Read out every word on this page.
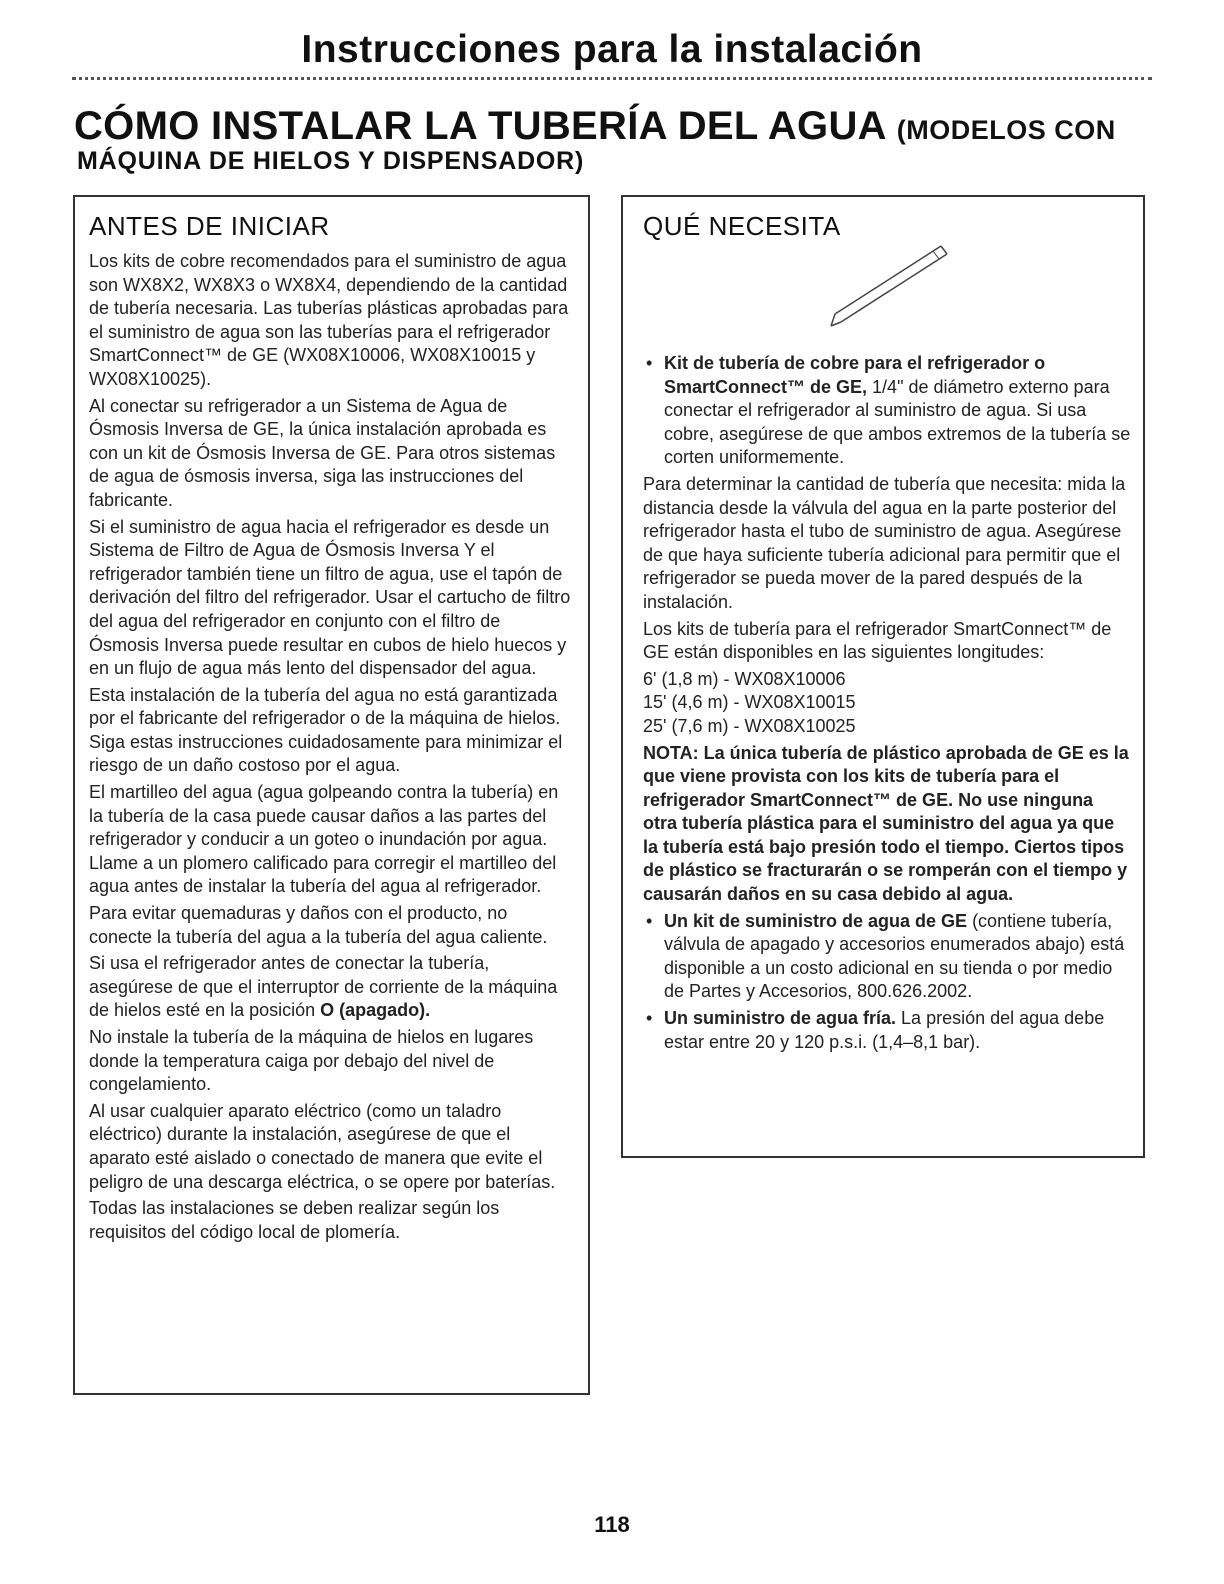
Instrucciones para la instalación
CÓMO INSTALAR LA TUBERÍA DEL AGUA (MODELOS CON
MÁQUINA DE HIELOS Y DISPENSADOR)
ANTES DE INICIAR

Los kits de cobre recomendados para el suministro de agua son WX8X2, WX8X3 o WX8X4, dependiendo de la cantidad de tubería necesaria. Las tuberías plásticas aprobadas para el suministro de agua son las tuberías para el refrigerador SmartConnect™ de GE (WX08X10006, WX08X10015 y WX08X10025).

Al conectar su refrigerador a un Sistema de Agua de Ósmosis Inversa de GE, la única instalación aprobada es con un kit de Ósmosis Inversa de GE. Para otros sistemas de agua de ósmosis inversa, siga las instrucciones del fabricante.

Si el suministro de agua hacia el refrigerador es desde un Sistema de Filtro de Agua de Ósmosis Inversa Y el refrigerador también tiene un filtro de agua, use el tapón de derivación del filtro del refrigerador. Usar el cartucho de filtro del agua del refrigerador en conjunto con el filtro de Ósmosis Inversa puede resultar en cubos de hielo huecos y en un flujo de agua más lento del dispensador del agua.

Esta instalación de la tubería del agua no está garantizada por el fabricante del refrigerador o de la máquina de hielos. Siga estas instrucciones cuidadosamente para minimizar el riesgo de un daño costoso por el agua.

El martilleo del agua (agua golpeando contra la tubería) en la tubería de la casa puede causar daños a las partes del refrigerador y conducir a un goteo o inundación por agua. Llame a un plomero calificado para corregir el martilleo del agua antes de instalar la tubería del agua al refrigerador.

Para evitar quemaduras y daños con el producto, no conecte la tubería del agua a la tubería del agua caliente.

Si usa el refrigerador antes de conectar la tubería, asegúrese de que el interruptor de corriente de la máquina de hielos esté en la posición O (apagado).

No instale la tubería de la máquina de hielos en lugares donde la temperatura caiga por debajo del nivel de congelamiento.

Al usar cualquier aparato eléctrico (como un taladro eléctrico) durante la instalación, asegúrese de que el aparato esté aislado o conectado de manera que evite el peligro de una descarga eléctrica, o se opere por baterías.

Todas las instalaciones se deben realizar según los requisitos del código local de plomería.

QUÉ NECESITA

• Kit de tubería de cobre para el refrigerador o SmartConnect™ de GE, 1/4" de diámetro externo para conectar el refrigerador al suministro de agua. Si usa cobre, asegúrese de que ambos extremos de la tubería se corten uniformemente.

Para determinar la cantidad de tubería que necesita: mida la distancia desde la válvula del agua en la parte posterior del refrigerador hasta el tubo de suministro de agua. Asegúrese de que haya suficiente tubería adicional para permitir que el refrigerador se pueda mover de la pared después de la instalación.

Los kits de tubería para el refrigerador SmartConnect™ de GE están disponibles en las siguientes longitudes:

6' (1,8 m) - WX08X10006

15' (4,6 m) - WX08X10015

25' (7,6 m) - WX08X10025

NOTA: La única tubería de plástico aprobada de GE es la que viene provista con los kits de tubería para el refrigerador SmartConnect™ de GE. No use ninguna otra tubería plástica para el suministro del agua ya que la tubería está bajo presión todo el tiempo. Ciertos tipos de plástico se fracturarán o se romperán con el tiempo y causarán daños en su casa debido al agua.

• Un kit de suministro de agua de GE (contiene tubería, válvula de apagado y accesorios enumerados abajo) está disponible a un costo adicional en su tienda o por medio de Partes y Accesorios, 800.626.2002.

• Un suministro de agua fría. La presión del agua debe estar entre 20 y 120 p.s.i. (1,4–8,1 bar).

118
